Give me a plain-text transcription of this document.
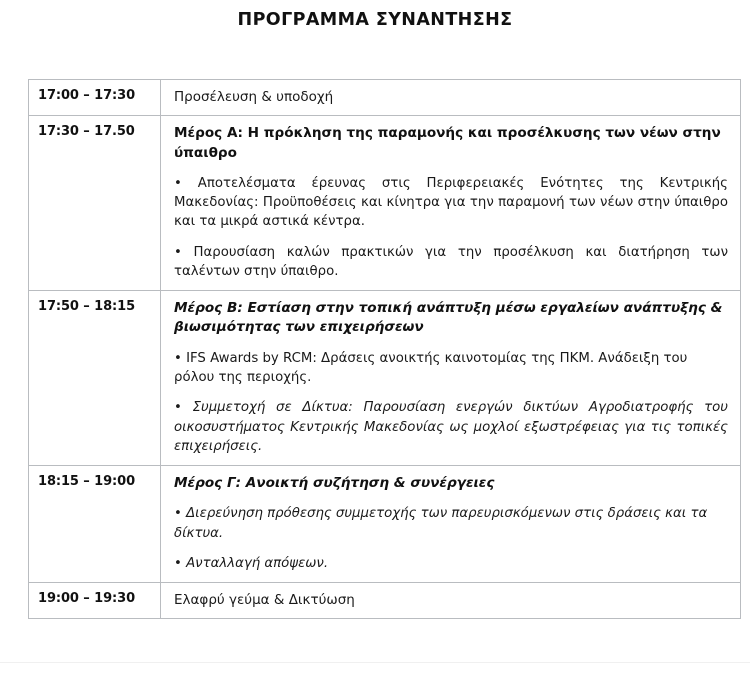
ΠΡΟΓΡΑΜΜΑ ΣΥΝΑΝΤΗΣΗΣ
17:00 – 17:30	Προσέλευση & υποδοχή

17:30 – 17.50	Μέρος Α: Η πρόκληση της παραμονής και προσέλκυσης των νέων στην ύπαιθρο
• Αποτελέσματα έρευνας στις Περιφερειακές Ενότητες της Κεντρικής Μακεδονίας: Προϋποθέσεις και κίνητρα για την παραμονή των νέων στην ύπαιθρο και τα μικρά αστικά κέντρα.
• Παρουσίαση καλών πρακτικών για την προσέλκυση και διατήρηση των ταλέντων στην ύπαιθρο.

17:50 – 18:15	Μέρος Β: Εστίαση στην τοπική ανάπτυξη μέσω εργαλείων ανάπτυξης & βιωσιμότητας των επιχειρήσεων
• IFS Awards by RCM: Δράσεις ανοικτής καινοτομίας της ΠΚΜ. Ανάδειξη του ρόλου της περιοχής.
• Συμμετοχή σε Δίκτυα: Παρουσίαση ενεργών δικτύων Αγροδιατροφής του οικοσυστήματος Κεντρικής Μακεδονίας ως μοχλοί εξωστρέφειας για τις τοπικές επιχειρήσεις.

18:15 – 19:00	Μέρος Γ: Ανοικτή συζήτηση & συνέργειες
• Διερεύνηση πρόθεσης συμμετοχής των παρευρισκόμενων στις δράσεις και τα δίκτυα.
• Ανταλλαγή απόψεων.

19:00 – 19:30	Ελαφρύ γεύμα & Δικτύωση
